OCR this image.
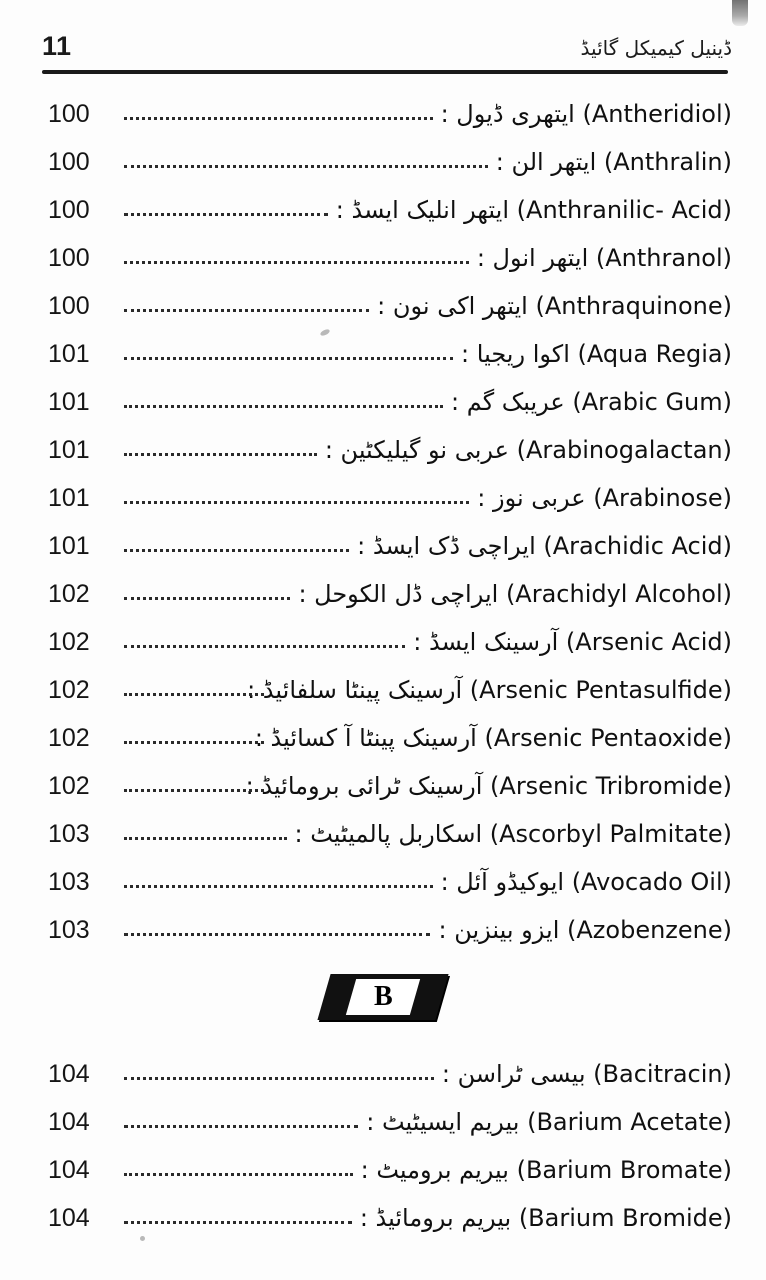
11	ڈینیل کیمیکل گائیڈ
100	(Antheridiol) ایتھری ڈیول :
100	(Anthralin) ایتھر الن :
100	(Anthranilic- Acid) ایتھر انلیک ایسڈ :
100	(Anthranol) ایتھر انول :
100	(Anthraquinone) ایتھر اکی نون :
101	(Aqua Regia) اکوا ریجیا :
101	(Arabic Gum) عریبک گم :
101	(Arabinogalactan) عربی نو گیلیکٹین :
101	(Arabinose) عربی نوز :
101	(Arachidic Acid) ایراچی ڈک ایسڈ :
102	(Arachidyl Alcohol) ایراچی ڈل الکوحل :
102	(Arsenic Acid) آرسینک ایسڈ :
102	(Arsenic Pentasulfide) آرسینک پینٹا سلفائیڈ :
102	(Arsenic Pentaoxide) آرسینک پینٹا آ کسائیڈ :
102	(Arsenic Tribromide) آرسینک ٹرائی برومائیڈ :
103	(Ascorbyl Palmitate) اسکاربل پالمیٹیٹ :
103	(Avocado Oil) ایوکیڈو آئل :
103	(Azobenzene) ایزو بینزین :
B
104	(Bacitracin) بیسی ٹراسن :
104	(Barium Acetate) بیریم ایسیٹیٹ :
104	(Barium Bromate) بیریم برومیٹ :
104	(Barium Bromide) بیریم برومائیڈ :
